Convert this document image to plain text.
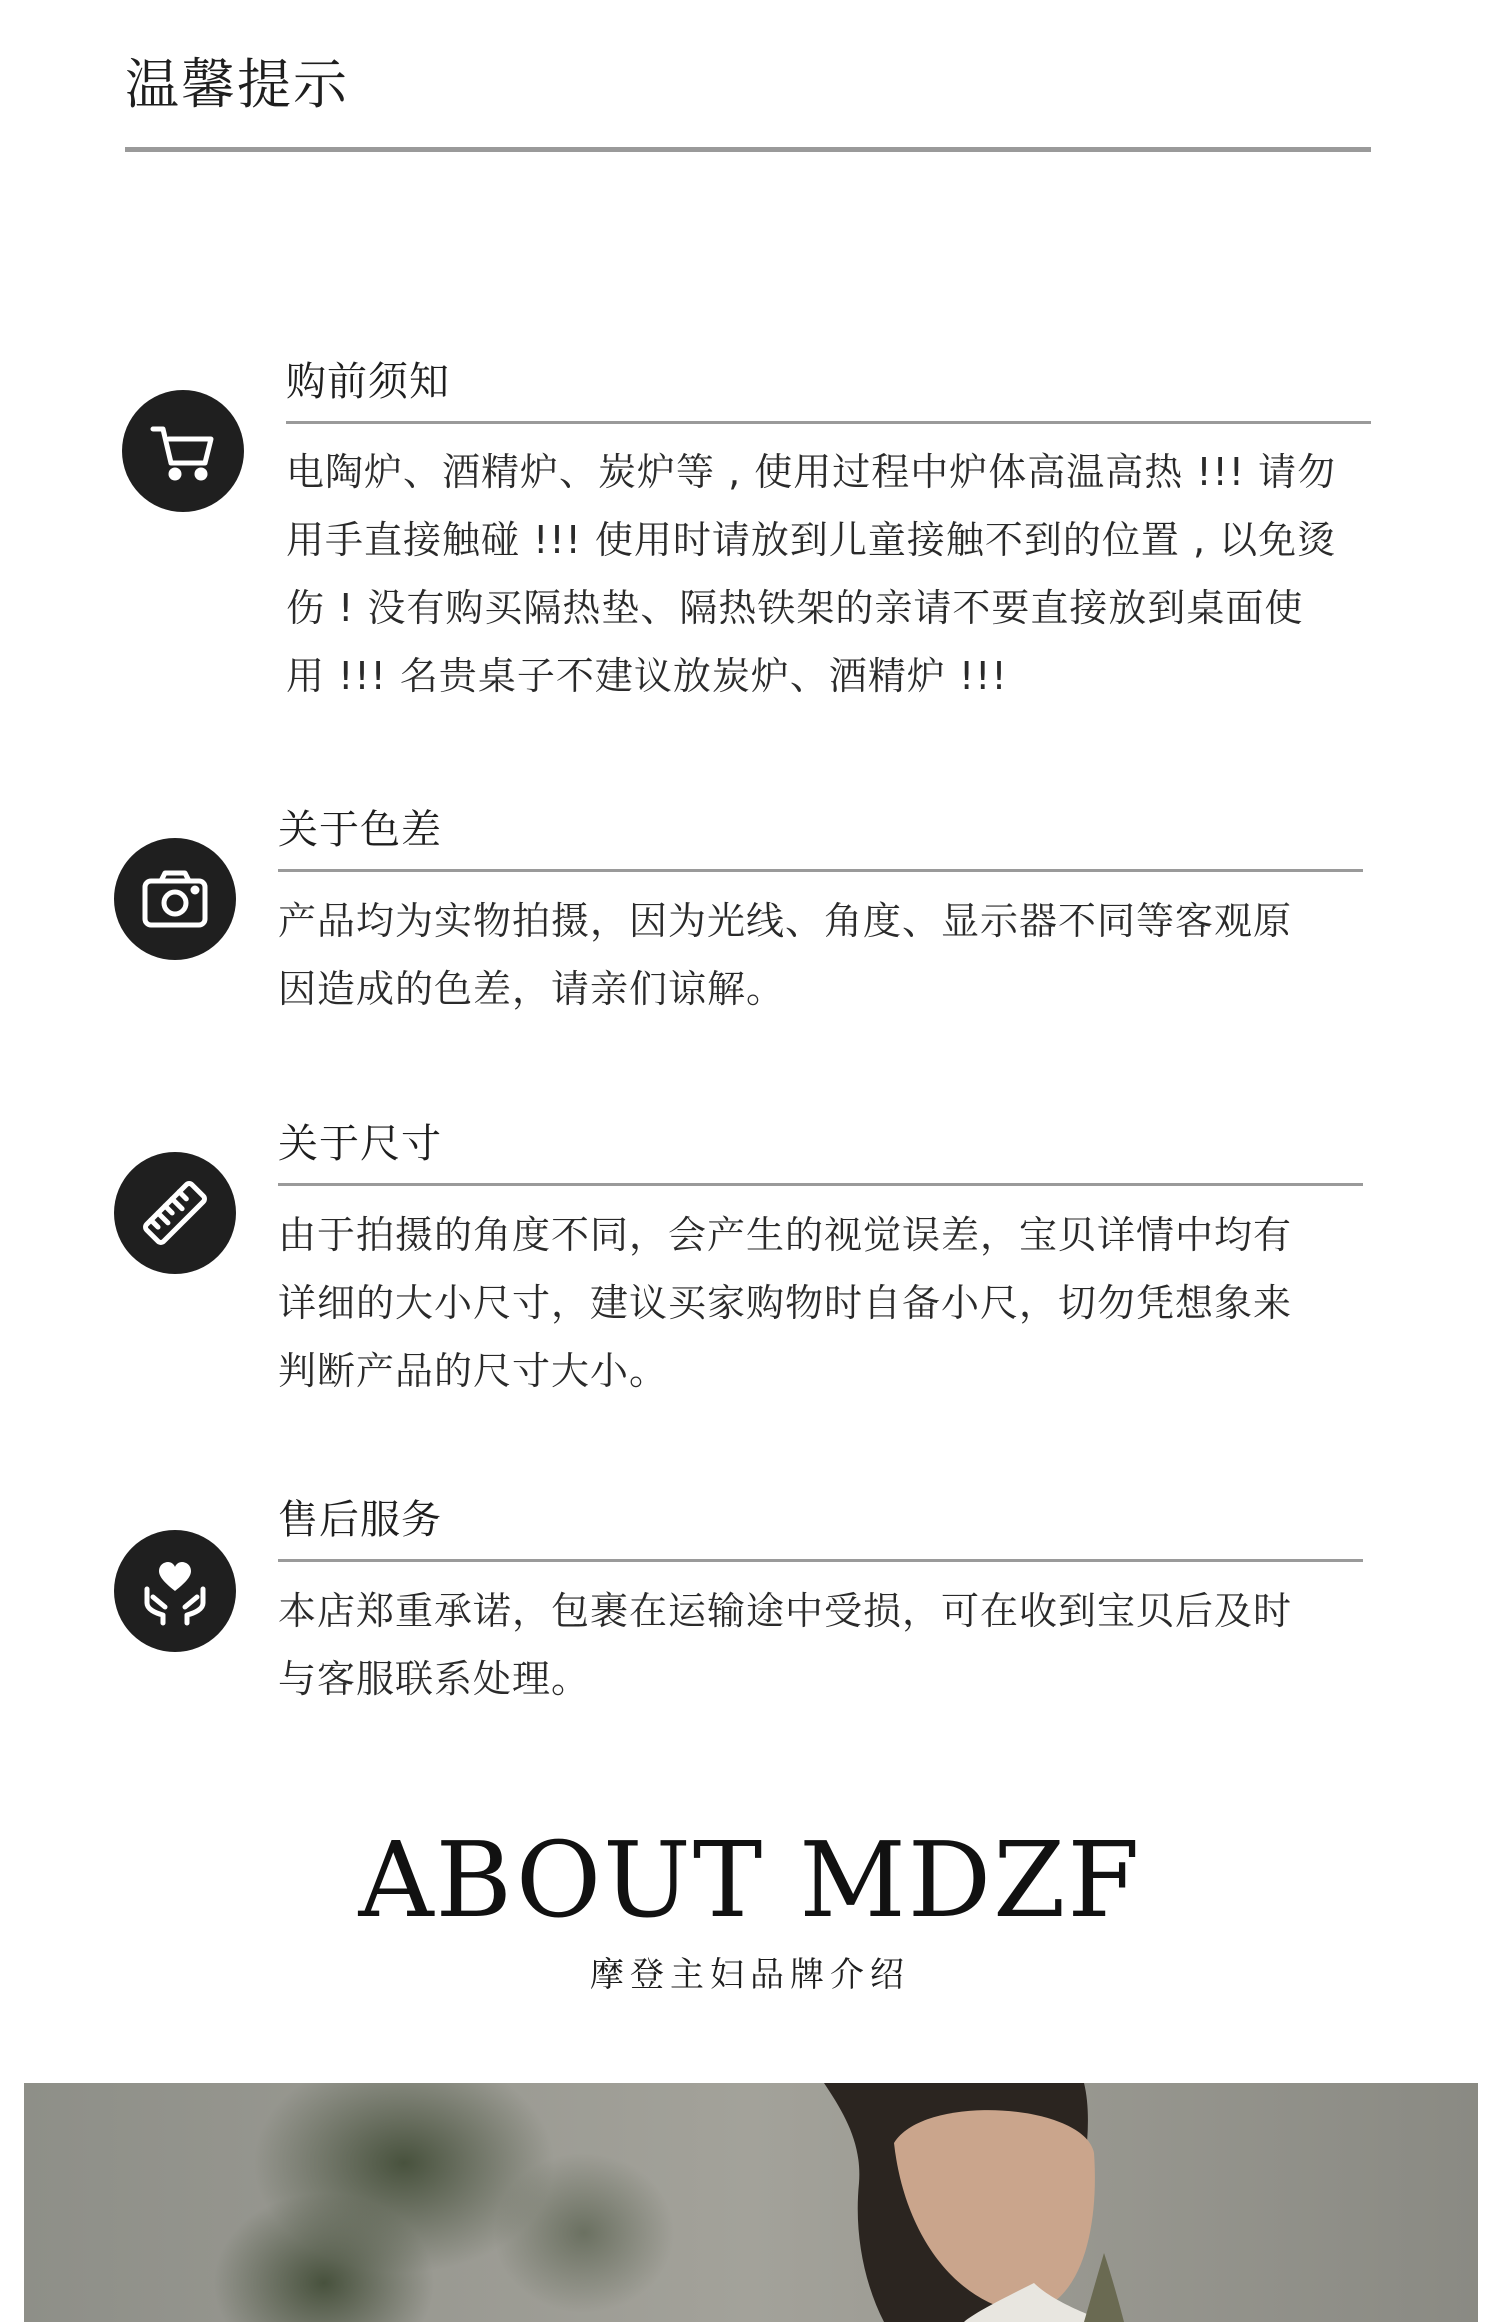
温馨提示
购前须知
电陶炉、酒精炉、炭炉等 , 使用过程中炉体高温高热 !!! 请勿
用手直接触碰 !!! 使用时请放到儿童接触不到的位置 , 以免烫
伤 ! 没有购买隔热垫、隔热铁架的亲请不要直接放到桌面使
用 !!! 名贵桌子不建议放炭炉、酒精炉 !!!
关于色差
产品均为实物拍摄，因为光线、角度、显示器不同等客观原
因造成的色差，请亲们谅解。
关于尺寸
由于拍摄的角度不同，会产生的视觉误差，宝贝详情中均有
详细的大小尺寸，建议买家购物时自备小尺，切勿凭想象来
判断产品的尺寸大小。
售后服务
本店郑重承诺，包裹在运输途中受损，可在收到宝贝后及时
与客服联系处理。
ABOUT MDZF
摩登主妇品牌介绍
